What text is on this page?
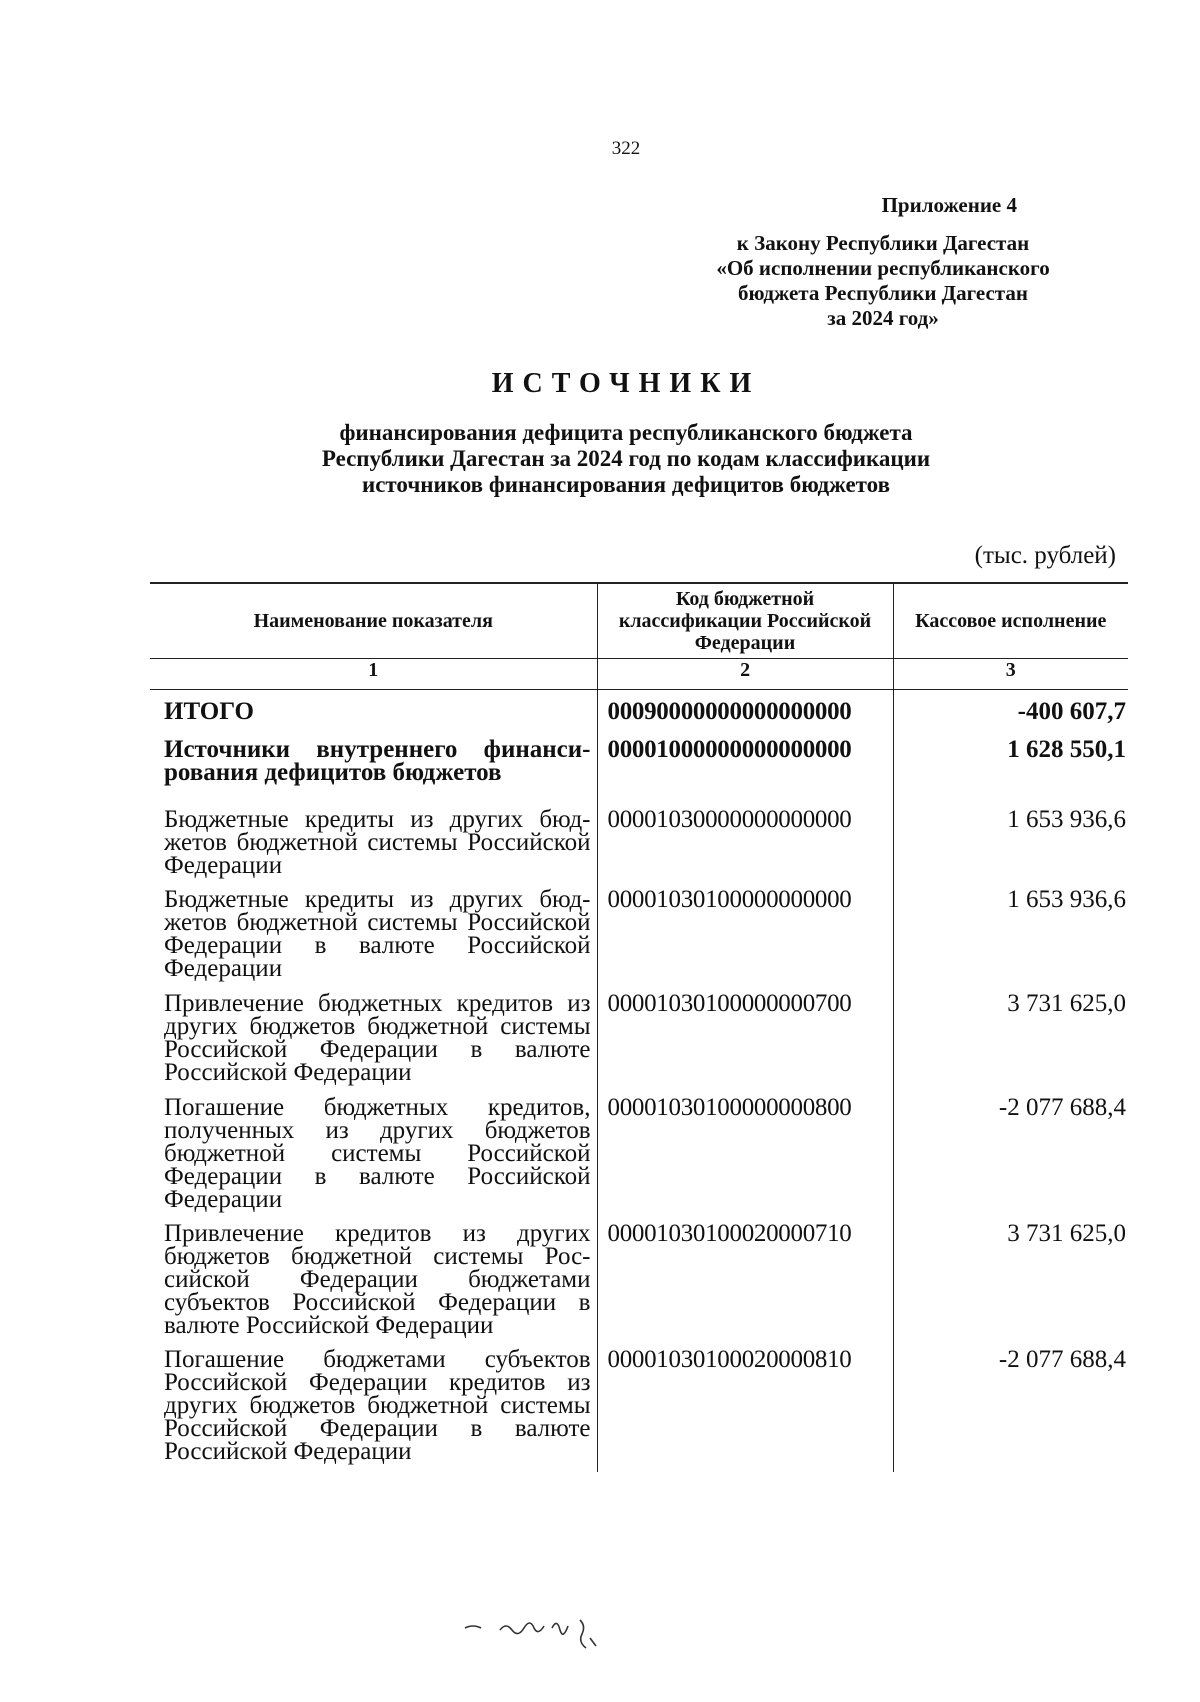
322
Приложение 4
к Закону Республики Дагестан
«Об исполнении республиканского
бюджета Республики Дагестан
за 2024 год»
ИСТОЧНИКИ
финансирования дефицита республиканского бюджета
Республики Дагестан за 2024 год по кодам классификации
источников финансирования дефицитов бюджетов
(тыс. рублей)
Наименование показателя	Код бюджетной классификации Российской Федерации	Кассовое исполнение
1	2	3
ИТОГО	00090000000000000000	-400 607,7
Источники внутреннего финансирования дефицитов бюджетов	00001000000000000000	1 628 550,1
Бюджетные кредиты из других бюджетов бюджетной системы Российской Федерации	00001030000000000000	1 653 936,6
Бюджетные кредиты из других бюджетов бюджетной системы Российской Федерации в валюте Российской Федерации	00001030100000000000	1 653 936,6
Привлечение бюджетных кредитов из других бюджетов бюджетной системы Российской Федерации в валюте Российской Федерации	00001030100000000700	3 731 625,0
Погашение бюджетных кредитов, полученных из других бюджетов бюджетной системы Российской Федерации в валюте Российской Федерации	00001030100000000800	-2 077 688,4
Привлечение кредитов из других бюджетов бюджетной системы Российской Федерации бюджетами субъектов Российской Федерации в валюте Российской Федерации	00001030100020000710	3 731 625,0
Погашение бюджетами субъектов Российской Федерации кредитов из других бюджетов бюджетной системы Российской Федерации в валюте Российской Федерации	00001030100020000810	-2 077 688,4
